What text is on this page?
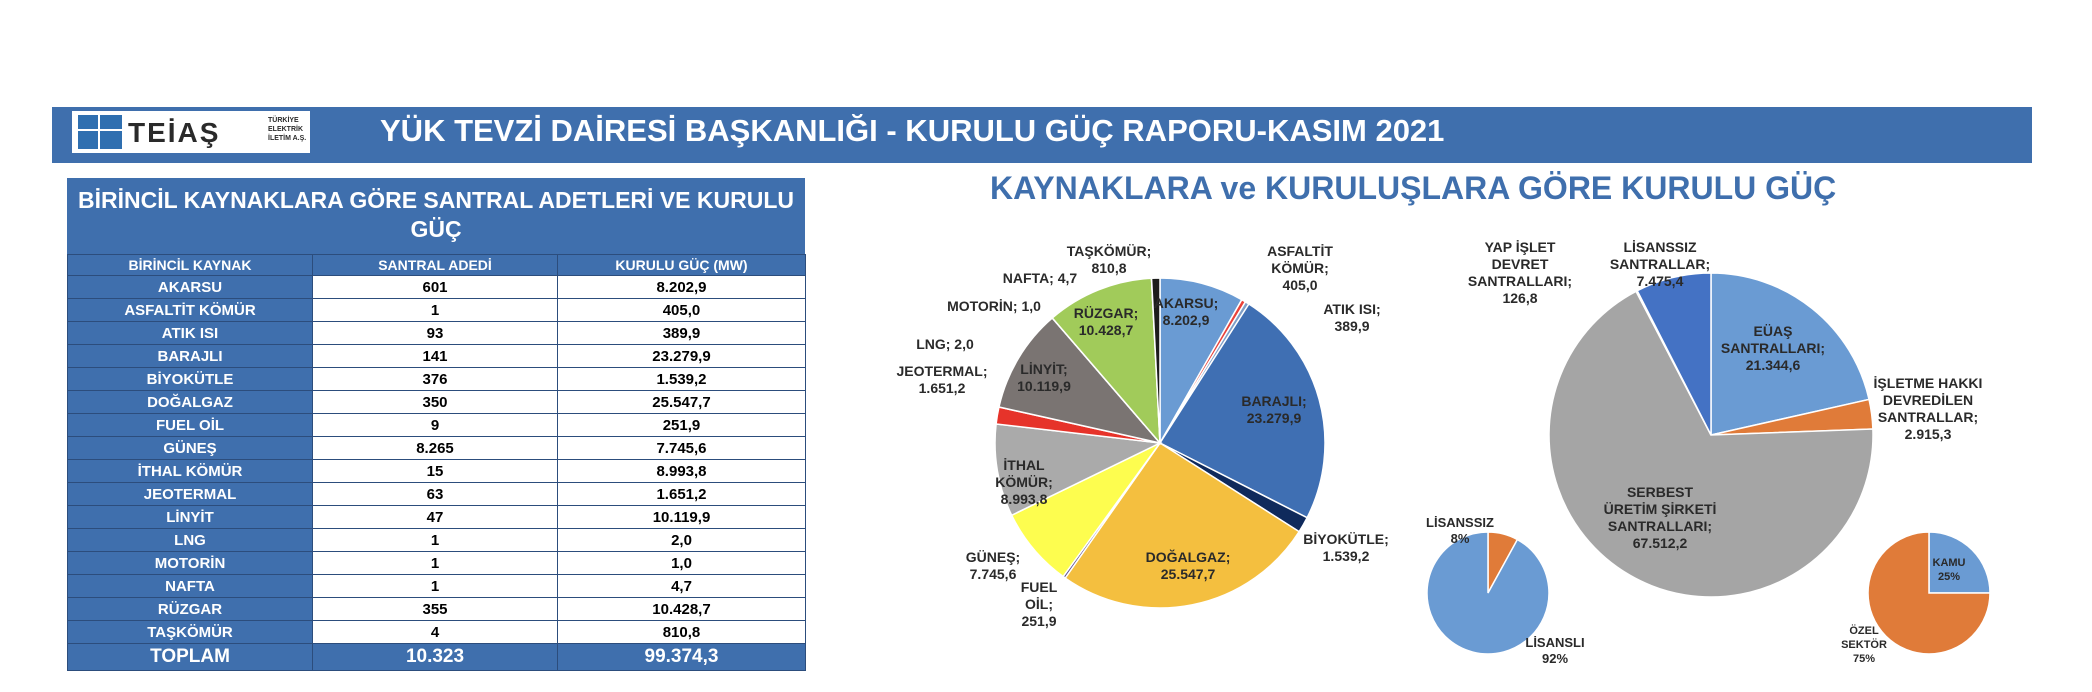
TEİAŞ	TÜRKİYE
ELEKTRİK
İLETİM A.Ş. YÜK TEVZİ DAİRESİ BAŞKANLIĞI - KURULU GÜÇ RAPORU-KASIM 2021
BİRİNCİL KAYNAKLARA GÖRE SANTRAL ADETLERİ VE KURULU GÜÇ
BİRİNCİL KAYNAK	SANTRAL ADEDİ	KURULU GÜÇ (MW)
AKARSU	601	8.202,9
ASFALTİT KÖMÜR	1	405,0
ATIK ISI	93	389,9
BARAJLI	141	23.279,9
BİYOKÜTLE	376	1.539,2
DOĞALGAZ	350	25.547,7
FUEL OİL	9	251,9
GÜNEŞ	8.265	7.745,6
İTHAL KÖMÜR	15	8.993,8
JEOTERMAL	63	1.651,2
LİNYİT	47	10.119,9
LNG	1	2,0
MOTORİN	1	1,0
NAFTA	1	4,7
RÜZGAR	355	10.428,7
TAŞKÖMÜR	4	810,8
TOPLAM	10.323	99.374,3
KAYNAKLARA ve KURULUŞLARA GÖRE KURULU GÜÇ
AKARSU; 8.202,9
ASFALTİT KÖMÜR; 405,0
ATIK ISI; 389,9
BARAJLI; 23.279,9
BİYOKÜTLE; 1.539,2
DOĞALGAZ; 25.547,7
FUEL OİL; 251,9
GÜNEŞ; 7.745,6
İTHAL KÖMÜR; 8.993,8
JEOTERMAL; 1.651,2
LİNYİT; 10.119,9
LNG; 2,0
MOTORİN; 1,0 RÜZGAR; 10.428,7
NAFTA; 4,7
TAŞKÖMÜR; 810,8
EÜAŞ SANTRALLARI; 21.344,6
İŞLETME HAKKI DEVREDİLEN SANTRALLAR; 2.915,3
SERBEST ÜRETİM ŞİRKETİ SANTRALLARI; 67.512,2
YAP İŞLET DEVRET SANTRALLARI; 126,8
LİSANSSIZ SANTRALLAR; 7.475,4
LİSANSSIZ 8%
LİSANSLI 92%
KAMU 25%
ÖZEL SEKTÖR 75%
